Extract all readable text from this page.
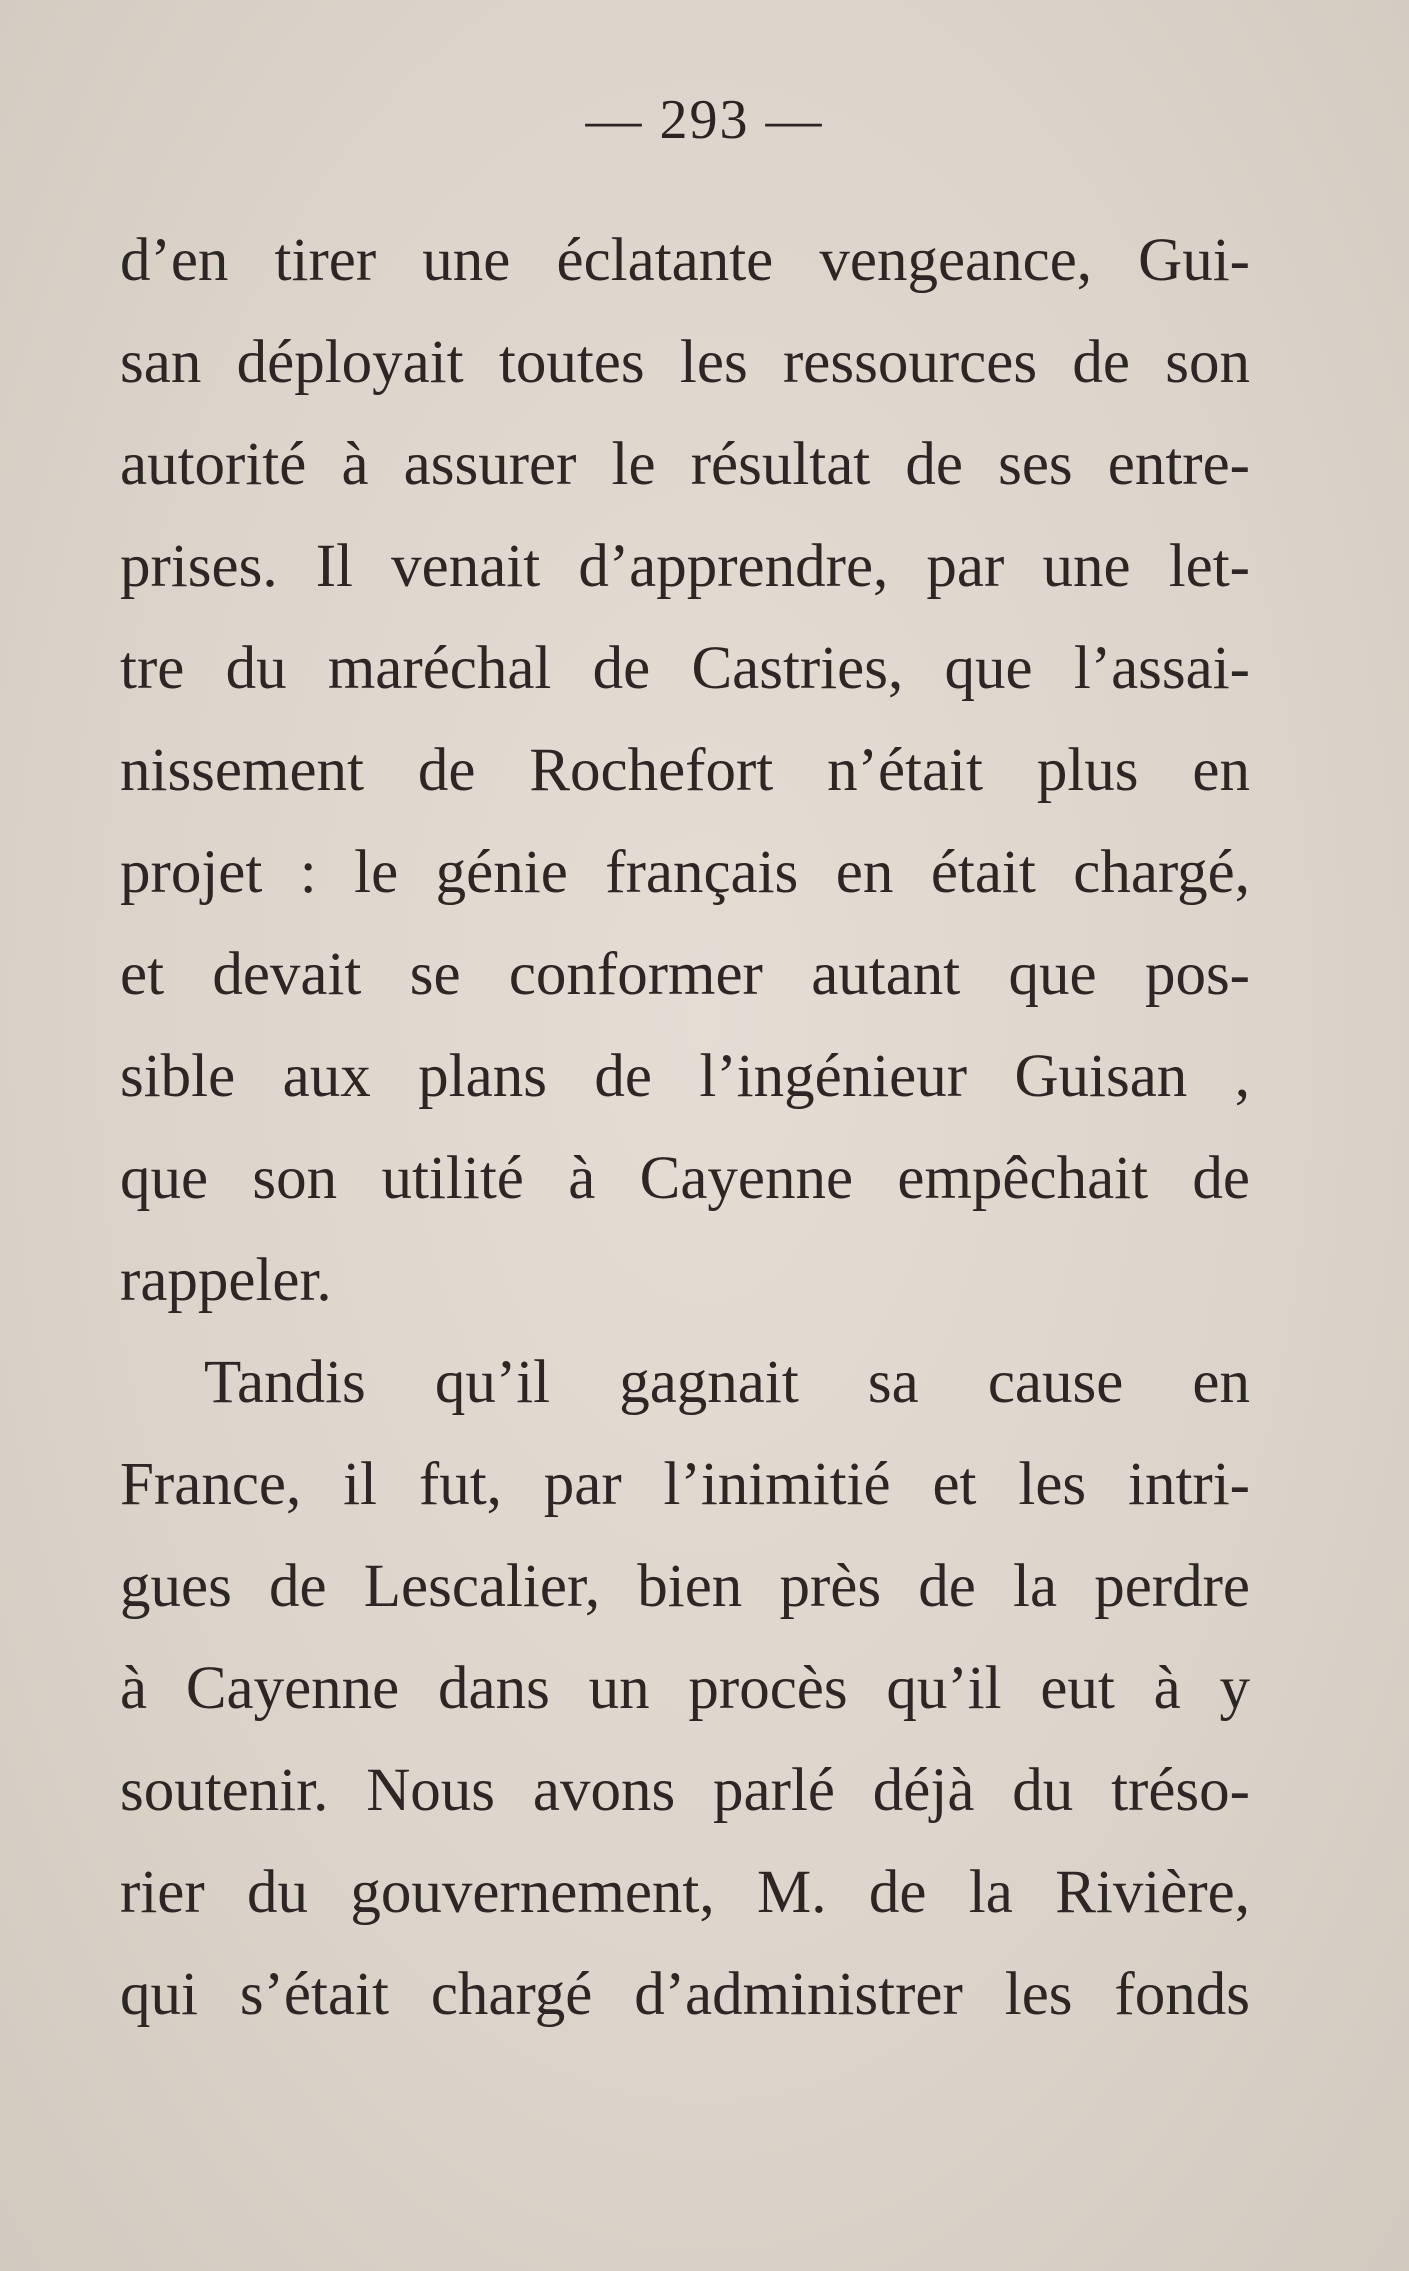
— 293 —
d’en tirer une éclatante vengeance, Gui-
san déployait toutes les ressources de son
autorité à assurer le résultat de ses entre-
prises. Il venait d’apprendre, par une let-
tre du maréchal de Castries, que l’assai-
nissement de Rochefort n’était plus en
projet : le génie français en était chargé,
et devait se conformer autant que pos-
sible aux plans de l’ingénieur Guisan ,
que son utilité à Cayenne empêchait de
rappeler.
Tandis qu’il gagnait sa cause en
France, il fut, par l’inimitié et les intri-
gues de Lescalier, bien près de la perdre
à Cayenne dans un procès qu’il eut à y
soutenir. Nous avons parlé déjà du tréso-
rier du gouvernement, M. de la Rivière,
qui s’était chargé d’administrer les fonds
